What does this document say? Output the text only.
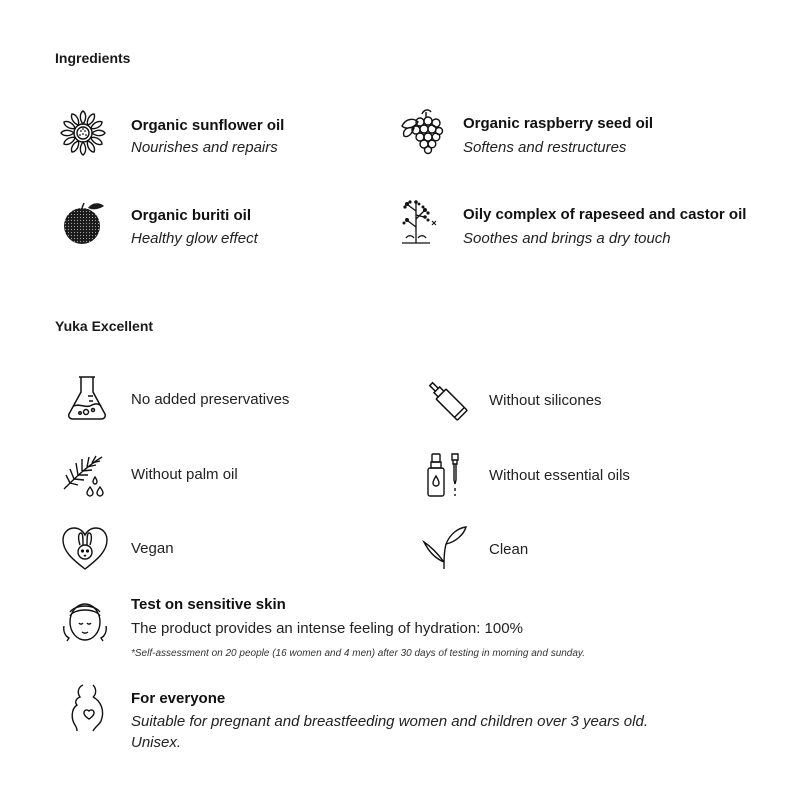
Ingredients
Organic sunflower oil
Nourishes and repairs
Organic raspberry seed oil
Softens and restructures
Organic buriti oil
Healthy glow effect
Oily complex of rapeseed and castor oil
Soothes and brings a dry touch
Yuka Excellent
No added preservatives	Without silicones
Without palm oil	Without essential oils
Vegan	Clean
Test on sensitive skin
The product provides an intense feeling of hydration: 100%
*Self-assessment on 20 people (16 women and 4 men) after 30 days of testing in morning and sunday.
For everyone
Suitable for pregnant and breastfeeding women and children over 3 years old.
Unisex.
